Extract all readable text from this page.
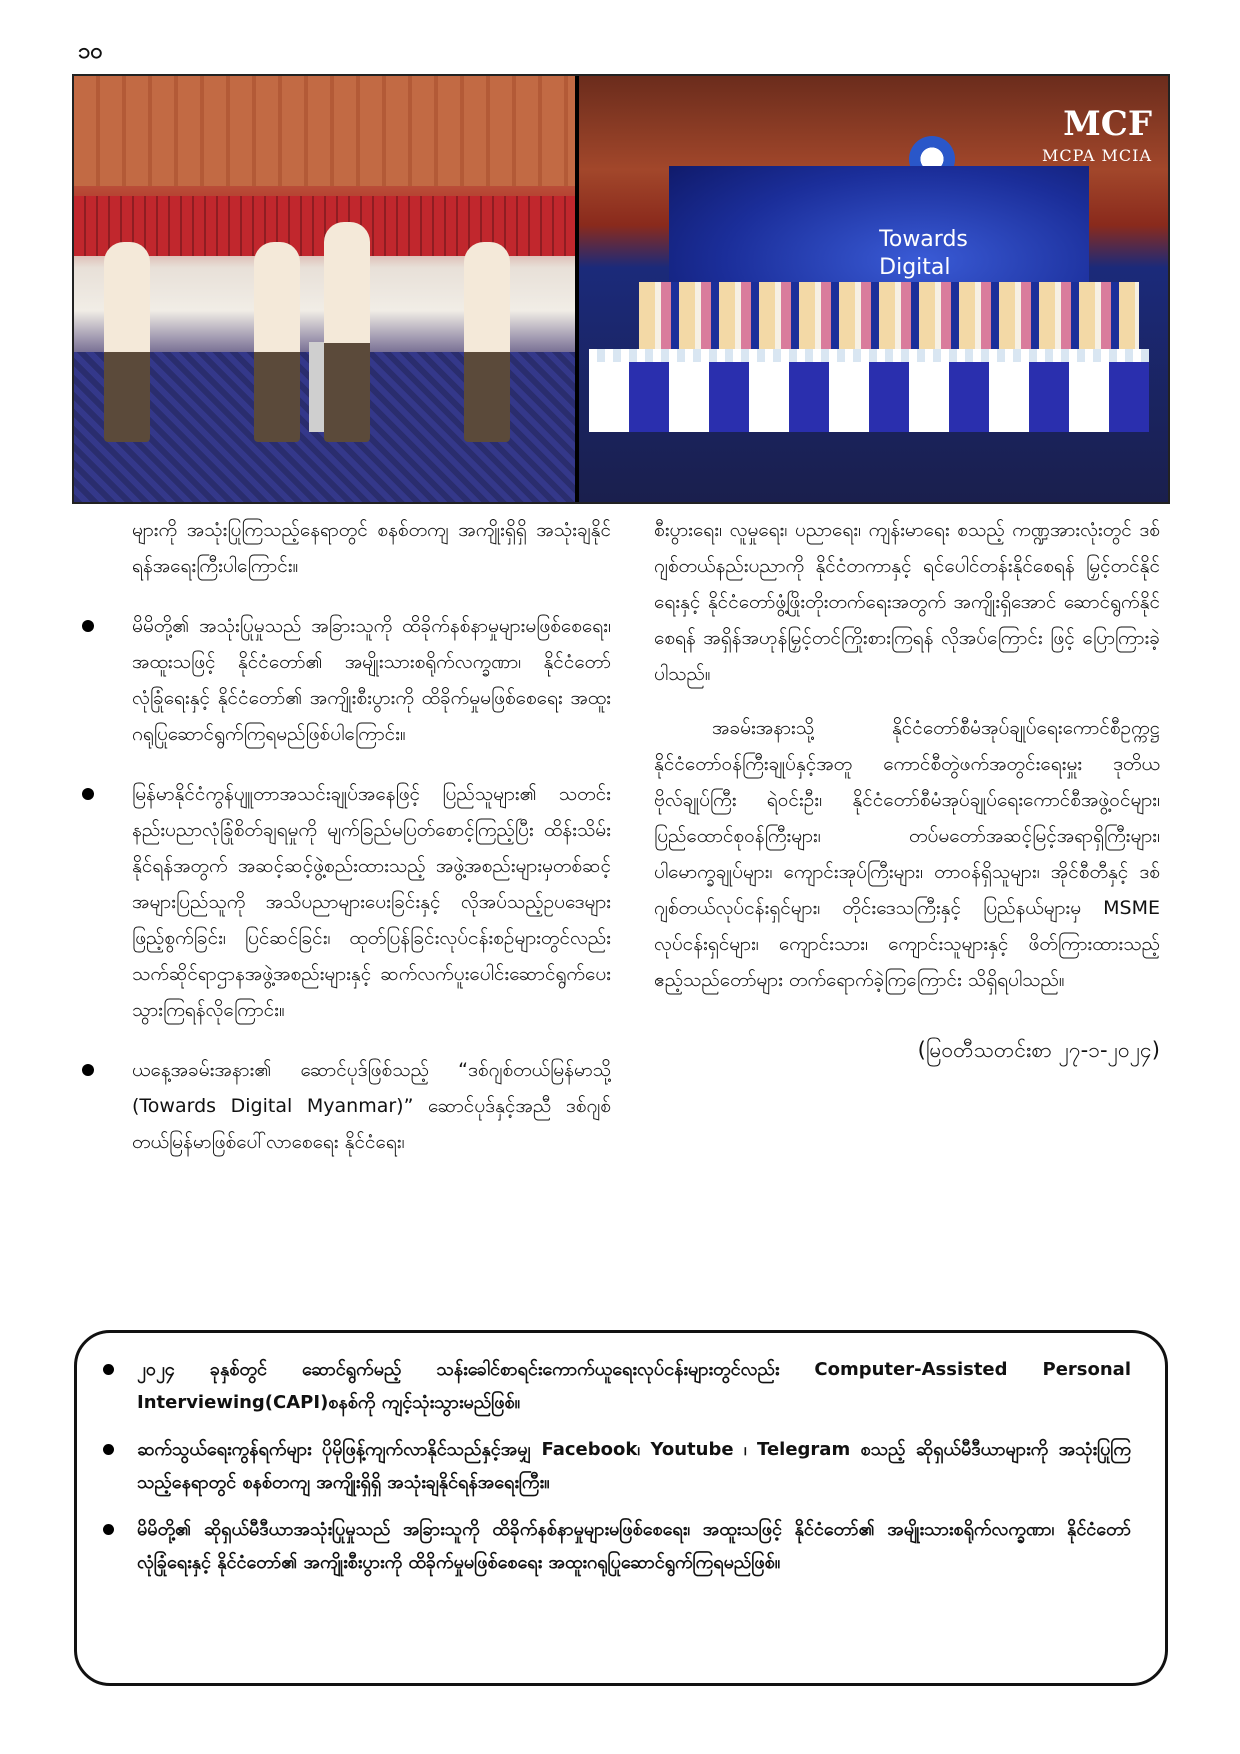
၁၀
MCF
MCPA MCIA
Towards Digital

များကို အသုံးပြုကြသည့်နေရာတွင် စနစ်တကျ အကျိုးရှိရှိ အသုံးချနိုင်ရန်အရေးကြီးပါကြောင်း။

မိမိတို့၏ အသုံးပြုမှုသည် အခြားသူကို ထိခိုက်နစ်နာမှုများမဖြစ်စေရေး၊ အထူးသဖြင့် နိုင်ငံတော်၏ အမျိုးသားစရိုက်လက္ခဏာ၊ နိုင်ငံတော်လုံခြုံရေးနှင့် နိုင်ငံတော်၏ အကျိုးစီးပွားကို ထိခိုက်မှုမဖြစ်စေရေး အထူးဂရုပြုဆောင်ရွက်ကြရမည်ဖြစ်ပါကြောင်း။

မြန်မာနိုင်ငံကွန်ပျူတာအသင်းချုပ်အနေဖြင့် ပြည်သူများ၏ သတင်းနည်းပညာလုံခြုံစိတ်ချရမှုကို မျက်ခြည်မပြတ်စောင့်ကြည့်ပြီး ထိန်းသိမ်းနိုင်ရန်အတွက် အဆင့်ဆင့်ဖွဲ့စည်းထားသည့် အဖွဲ့အစည်းများမှတစ်ဆင့် အများပြည်သူကို အသိပညာများပေးခြင်းနှင့် လိုအပ်သည့်ဥပဒေများ ဖြည့်စွက်ခြင်း၊ ပြင်ဆင်ခြင်း၊ ထုတ်ပြန်ခြင်းလုပ်ငန်းစဉ်များတွင်လည်း သက်ဆိုင်ရာဌာနအဖွဲ့အစည်းများနှင့် ဆက်လက်ပူးပေါင်းဆောင်ရွက်ပေးသွားကြရန်လိုကြောင်း။

ယနေ့အခမ်းအနား၏ ဆောင်ပုဒ်ဖြစ်သည့် “ဒစ်ဂျစ်တယ်မြန်မာသို့ (Towards Digital Myanmar)” ဆောင်ပုဒ်နှင့်အညီ ဒစ်ဂျစ်တယ်မြန်မာဖြစ်ပေါ်လာစေရေး နိုင်ငံရေး၊

စီးပွားရေး၊ လူမှုရေး၊ ပညာရေး၊ ကျန်းမာရေး စသည့် ကဏ္ဍအားလုံးတွင် ဒစ်ဂျစ်တယ်နည်းပညာကို နိုင်ငံတကာနှင့် ရင်ပေါင်တန်းနိုင်စေရန် မြှင့်တင်နိုင်ရေးနှင့် နိုင်ငံတော်ဖွံ့ဖြိုးတိုးတက်ရေးအတွက် အကျိုးရှိအောင် ဆောင်ရွက်နိုင်စေရန် အရှိန်အဟုန်မြှင့်တင်ကြိုးစားကြရန် လိုအပ်ကြောင်း ဖြင့် ပြောကြားခဲ့ပါသည်။

အခမ်းအနားသို့ နိုင်ငံတော်စီမံအုပ်ချုပ်ရေးကောင်စီဥက္ကဋ္ဌ နိုင်ငံတော်ဝန်ကြီးချုပ်နှင့်အတူ ကောင်စီတွဲဖက်အတွင်းရေးမှူး ဒုတိယဗိုလ်ချုပ်ကြီး ရဲဝင်းဦး၊ နိုင်ငံတော်စီမံအုပ်ချုပ်ရေးကောင်စီအဖွဲ့ဝင်များ၊ ပြည်ထောင်စုဝန်ကြီးများ၊ တပ်မတော်အဆင့်မြင့်အရာရှိကြီးများ၊ ပါမောက္ခချုပ်များ၊ ကျောင်းအုပ်ကြီးများ၊ တာဝန်ရှိသူများ၊ အိုင်စီတီနှင့် ဒစ်ဂျစ်တယ်လုပ်ငန်းရှင်များ၊ တိုင်းဒေသကြီးနှင့် ပြည်နယ်များမှ MSME လုပ်ငန်းရှင်များ၊ ကျောင်းသား၊ ကျောင်းသူများနှင့် ဖိတ်ကြားထားသည့် ဧည့်သည်တော်များ တက်ရောက်ခဲ့ကြကြောင်း သိရှိရပါသည်။

(မြဝတီသတင်းစာ ၂၇-၁-၂၀၂၄)

၂၀၂၄ ခုနှစ်တွင် ဆောင်ရွက်မည့် သန်းခေါင်စာရင်းကောက်ယူရေးလုပ်ငန်းများတွင်လည်း Computer-Assisted Personal Interviewing(CAPI)စနစ်ကို ကျင့်သုံးသွားမည်ဖြစ်။
ဆက်သွယ်ရေးကွန်ရက်များ ပိုမိုဖြန့်ကျက်လာနိုင်သည်နှင့်အမျှ Facebook၊ Youtube ၊ Telegram စသည့် ဆိုရှယ်မီဒီယာများကို အသုံးပြုကြသည့်နေရာတွင် စနစ်တကျ အကျိုးရှိရှိ အသုံးချနိုင်ရန်အရေးကြီး။
မိမိတို့၏ ဆိုရှယ်မီဒီယာအသုံးပြုမှုသည် အခြားသူကို ထိခိုက်နစ်နာမှုများမဖြစ်စေရေး၊ အထူးသဖြင့် နိုင်ငံတော်၏ အမျိုးသားစရိုက်လက္ခဏာ၊ နိုင်ငံတော်လုံခြုံရေးနှင့် နိုင်ငံတော်၏ အကျိုးစီးပွားကို ထိခိုက်မှုမဖြစ်စေရေး အထူးဂရုပြုဆောင်ရွက်ကြရမည်ဖြစ်။
